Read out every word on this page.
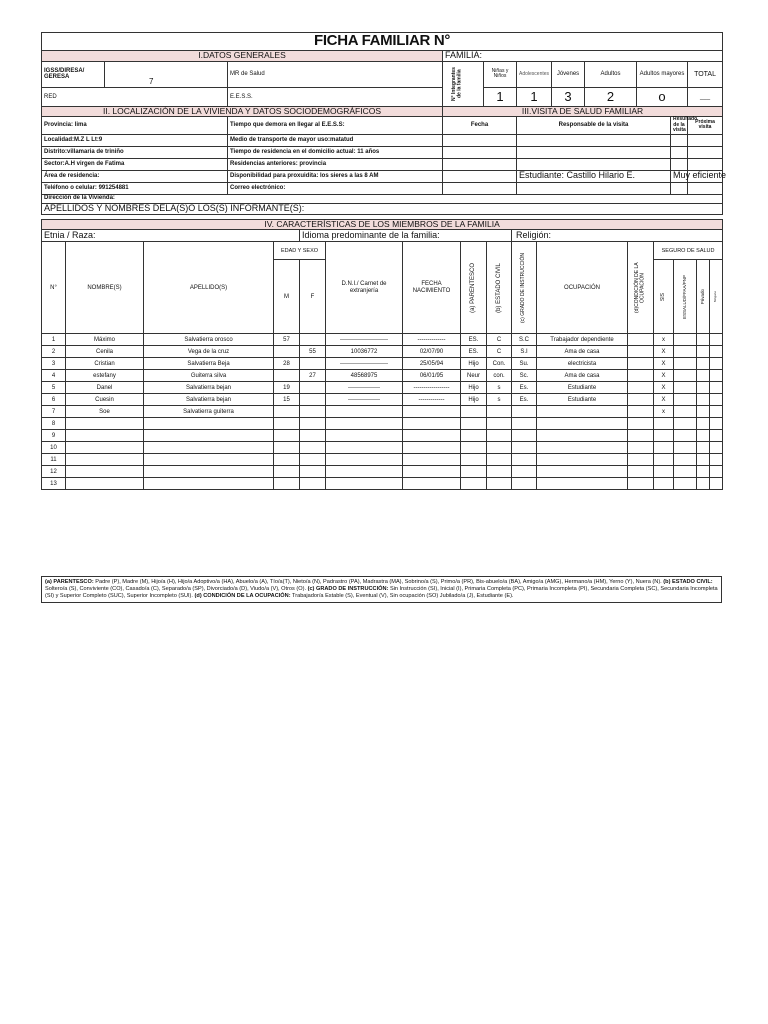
FICHA FAMILIAR N°
I.DATOS GENERALES	FAMILIA:

IGSS/DIRESA/ GERESA	7
	MR de Salud	N° Integrantes de la familia	Niñas y Niños	Adolescentes	Jóvenes	Adultos	Adultos mayores	TOTAL

RED	E.E.S.S.	1	1	3	2	o	___

II. LOCALIZACIÓN DE LA VIVIENDA Y DATOS SOCIODEMOGRÁFICOS	III.VISITA DE SALUD FAMILIAR
Provincia: lima	Tiempo que demora en llegar al E.E.S.S:	Fecha	Responsable de la visita	Resultado de la visita	Próxima visita
Localidad:M.Z L Lt:9	Medio de transporte de mayor uso:matatud				
Distrito:villamaria de triniño	Tiempo de residencia en el domicilio actual: 11 años				
Sector:A.H virgen de Fatima	Residencias anteriores: provincia				
Área de residencia:	Disponibilidad para proxuidita: los sieres a las 8 AM		Estudiante: Castillo Hilario E.	Muy eficiente	
Teléfono o celular: 991254881	Correo electrónico:				
Dirección de la Vivienda:
APELLIDOS Y NOMBRES DELA(S)O LOS(S) INFORMANTE(S):
IV. CARACTERÍSTICAS DE LOS MIEMBROS DE LA FAMILIA															
Etnia / Raza:				Idioma predominante de la familia:					Religión:						
N°	NOMBRE(S)	APELLIDO(S)	EDAD Y SEXO		D.N.I./ Carnet de extranjería	FECHA NACIMIENTO	(a) PARENTESCO	(b) ESTADO CIVIL	(c) GRADO DE INSTRUCCIÓN	OCUPACIÓN	(d)CONDICIÓN DE LA OCUPACIÓN	SEGURO DE SALUD			
			M	F								SIS	ESSALUD/FFAA/PNP	Privado	Ninguno

1	Máximo	Salvatierra orosco	57		------------------------	--------------	ES.	C	S.C	Trabajador dependiente		x			
2	Cenila	Vega de la cruz		55	10036772	02/07/90	ES.	C	S.I	Ama de casa		X			
3	Cristian	Salvatierra Beja	28		------------------------	25/05/94	Hijo	Con.	Su.	electricista		X			
4	estefany	Guiterra silva		27	48568975	06/01/95	Neur	con.	Sc.	Ama de casa		X			
5	Danel	Salvatierra bejan	19		----------------	------------------	Hijo	s	Es.	Estudiante		X			
6	Cuesin	Salvatierra bejan	15		----------------	-------------	Hijo	s	Es.	Estudiante		X			
7	Soe	Salvatierra guiterra										x			
8															
9															
10															
11															
12															
13															
(a) PARENTESCO: Padre (P), Madre (M), Hijo/a (H), Hijo/a Adoptivo/a (HA), Abuelo/a (A), Tío/a(T), Nieto/a (N), Padrastro (PA), Madrastra (MA), Sobrino/a (S), Primo/a (PR), Bis-abuelo/a (BA), Amigo/a (AMG), Hermano/a (HM), Yerno (Y), Nuera (N). (b) ESTADO CIVIL: Soltero/a (S), Conviviente (CO), Casado/a (C), Separado/a (SP), Divorciado/a (D), Viudo/a (V), Otros (O). (c) GRADO DE INSTRUCCIÓN: Sin Instrucción (SI), Inicial (I), Primaria Completa (PC), Primaria Incompleta (PI), Secundaria Completa (SC), Secundaria Incompleta (SI) y Superior Completo (SUC), Superior Incompleto (SUI). (d) CONDICIÓN DE LA OCUPACIÓN: Trabajador/a Estable (S), Eventual (V), Sin ocupación (SO) Jubilado/a (J), Estudiante (E).
